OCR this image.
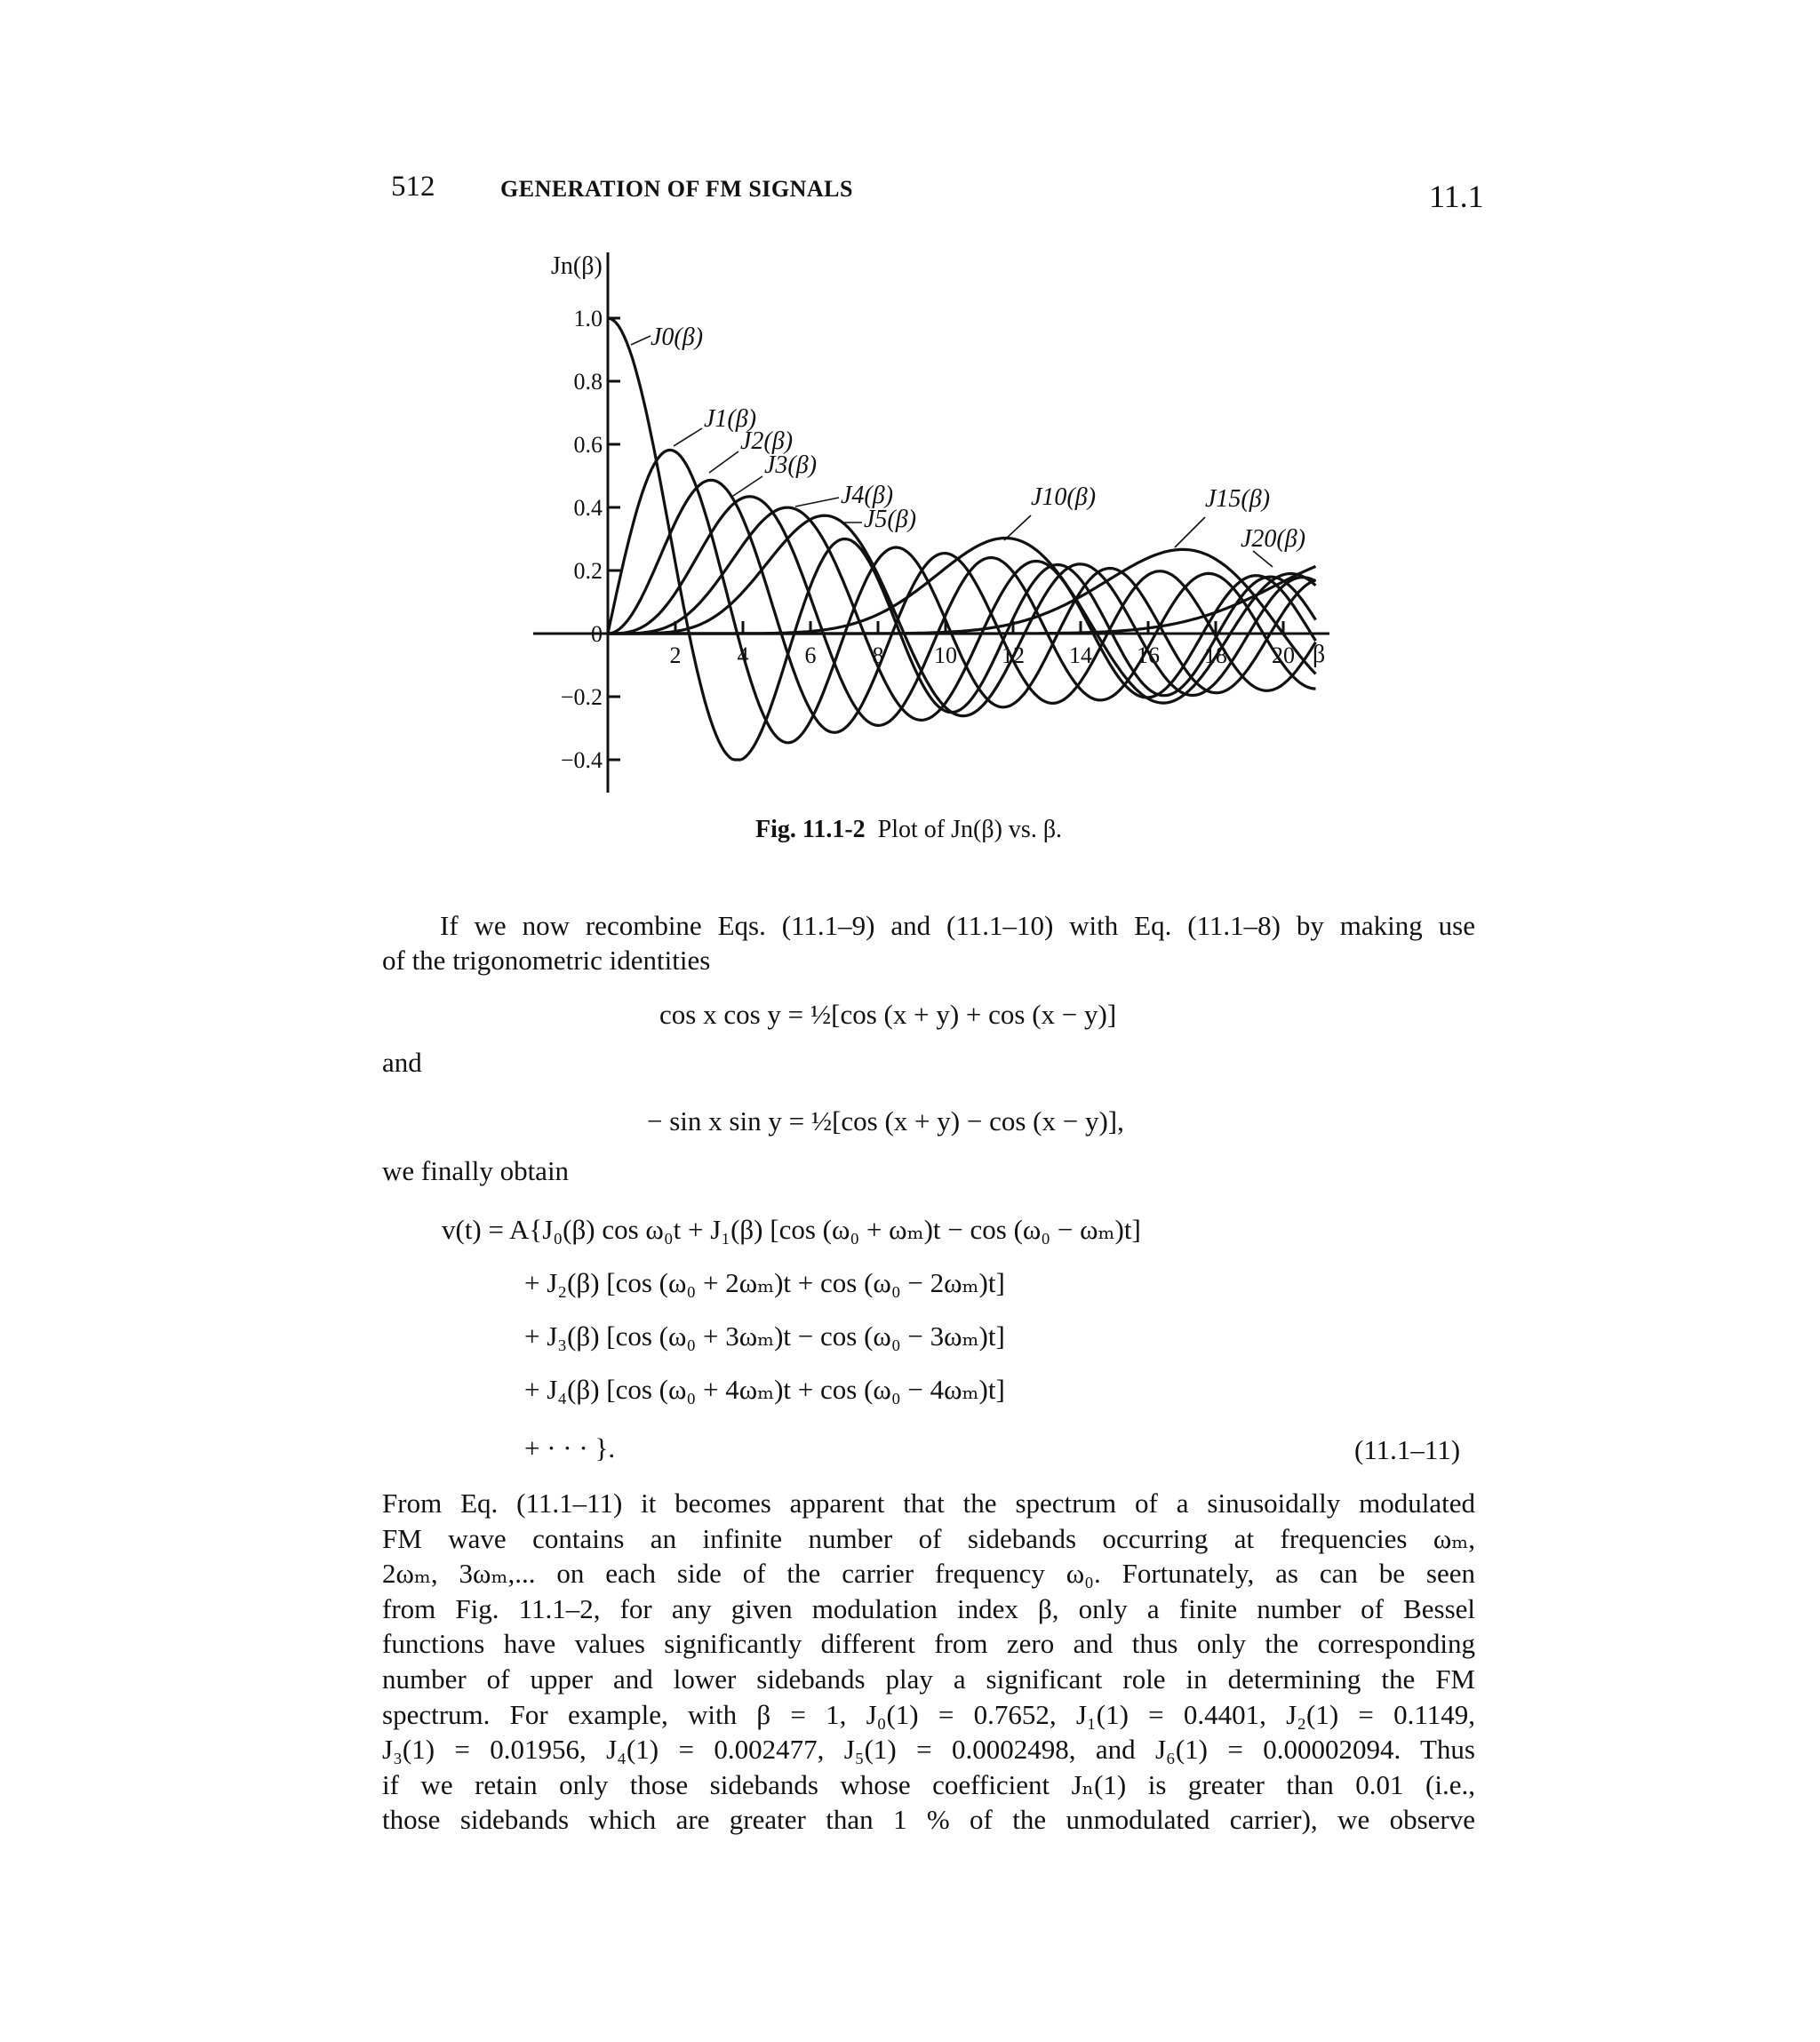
512	GENERATION OF FM SIGNALS	11.1
1.0
0.8
0.6
0.4
0.2
0
−0.2
−0.4
2 4 6 8 10 12 14 16 18 20
Jn(β)
β
J0(β)
J1(β)
J2(β)
J3(β)
J4(β)
J5(β)
J10(β)	J15(β)
J20(β)
Fig. 11.1-2 Plot of Jn(β) vs. β.
If we now recombine Eqs. (11.1–9) and (11.1–10) with Eq. (11.1–8) by making use
of the trigonometric identities
cos x cos y = ½[cos (x + y) + cos (x − y)]
and
− sin x sin y = ½[cos (x + y) − cos (x − y)],
we finally obtain
v(t) = A{J₀(β) cos ω₀t + J₁(β) [cos (ω₀ + ωₘ)t − cos (ω₀ − ωₘ)t]
+ J₂(β) [cos (ω₀ + 2ωₘ)t + cos (ω₀ − 2ωₘ)t]
+ J₃(β) [cos (ω₀ + 3ωₘ)t − cos (ω₀ − 3ωₘ)t]
+ J₄(β) [cos (ω₀ + 4ωₘ)t + cos (ω₀ − 4ωₘ)t]
+ · · · }.	(11.1–11)
From Eq. (11.1–11) it becomes apparent that the spectrum of a sinusoidally modulated
FM wave contains an infinite number of sidebands occurring at frequencies ωₘ,
2ωₘ, 3ωₘ,... on each side of the carrier frequency ω₀. Fortunately, as can be seen
from Fig. 11.1–2, for any given modulation index β, only a finite number of Bessel
functions have values significantly different from zero and thus only the corresponding
number of upper and lower sidebands play a significant role in determining the FM
spectrum. For example, with β = 1, J₀(1) = 0.7652, J₁(1) = 0.4401, J₂(1) = 0.1149,
J₃(1) = 0.01956, J₄(1) = 0.002477, J₅(1) = 0.0002498, and J₆(1) = 0.00002094. Thus
if we retain only those sidebands whose coefficient Jₙ(1) is greater than 0.01 (i.e.,
those sidebands which are greater than 1 % of the unmodulated carrier), we observe
